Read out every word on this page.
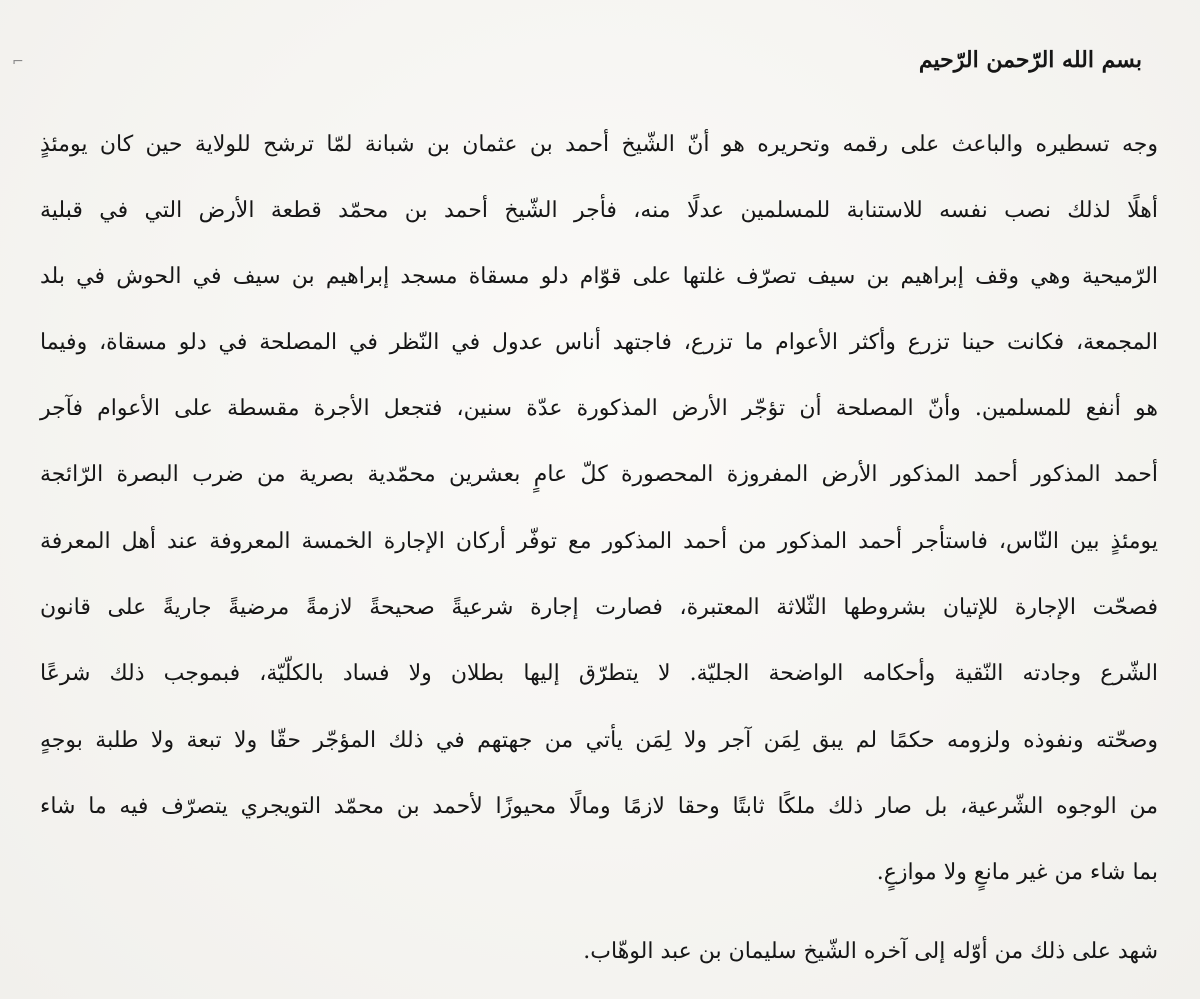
⌐	بسم الله الرّحمن الرّحيم
وجه تسطيره والباعث على رقمه وتحريره هو أنّ الشّيخ أحمد بن عثمان بن شبانة لمّا ترشح للولاية حين كان يومئذٍ
أهلًا لذلك نصب نفسه للاستنابة للمسلمين عدلًا منه، فأجر الشّيخ أحمد بن محمّد قطعة الأرض التي في قبلية
الرّميحية وهي وقف إبراهيم بن سيف تصرّف غلتها على قوّام دلو مسقاة مسجد إبراهيم بن سيف في الحوش في بلد
المجمعة، فكانت حينا تزرع وأكثر الأعوام ما تزرع، فاجتهد أناس عدول في النّظر في المصلحة في دلو مسقاة، وفيما
هو أنفع للمسلمين. وأنّ المصلحة أن تؤجّر الأرض المذكورة عدّة سنين، فتجعل الأجرة مقسطة على الأعوام فآجر
أحمد المذكور أحمد المذكور الأرض المفروزة المحصورة كلّ عامٍ بعشرين محمّدية بصرية من ضرب البصرة الرّائجة
يومئذٍ بين النّاس، فاستأجر أحمد المذكور من أحمد المذكور مع توفّر أركان الإجارة الخمسة المعروفة عند أهل المعرفة
فصحّت الإجارة للإتيان بشروطها الثّلاثة المعتبرة، فصارت إجارة شرعيةً صحيحةً لازمةً مرضيةً جاريةً على قانون
الشّرع وجادته النّقية وأحكامه الواضحة الجليّة. لا يتطرّق إليها بطلان ولا فساد بالكلّيّة، فبموجب ذلك شرعًا
وصحّته ونفوذه ولزومه حكمًا لم يبق لِمَن آجر ولا لِمَن يأتي من جهتهم في ذلك المؤجّر حقّا ولا تبعة ولا طلبة بوجهٍ
من الوجوه الشّرعية، بل صار ذلك ملكًا ثابتًا وحقا لازمًا ومالًا محيوزًا لأحمد بن محمّد التويجري يتصرّف فيه ما شاء
بما شاء من غير مانعٍ ولا موازعٍ.
شهد على ذلك من أوّله إلى آخره الشّيخ سليمان بن عبد الوهّاب.
